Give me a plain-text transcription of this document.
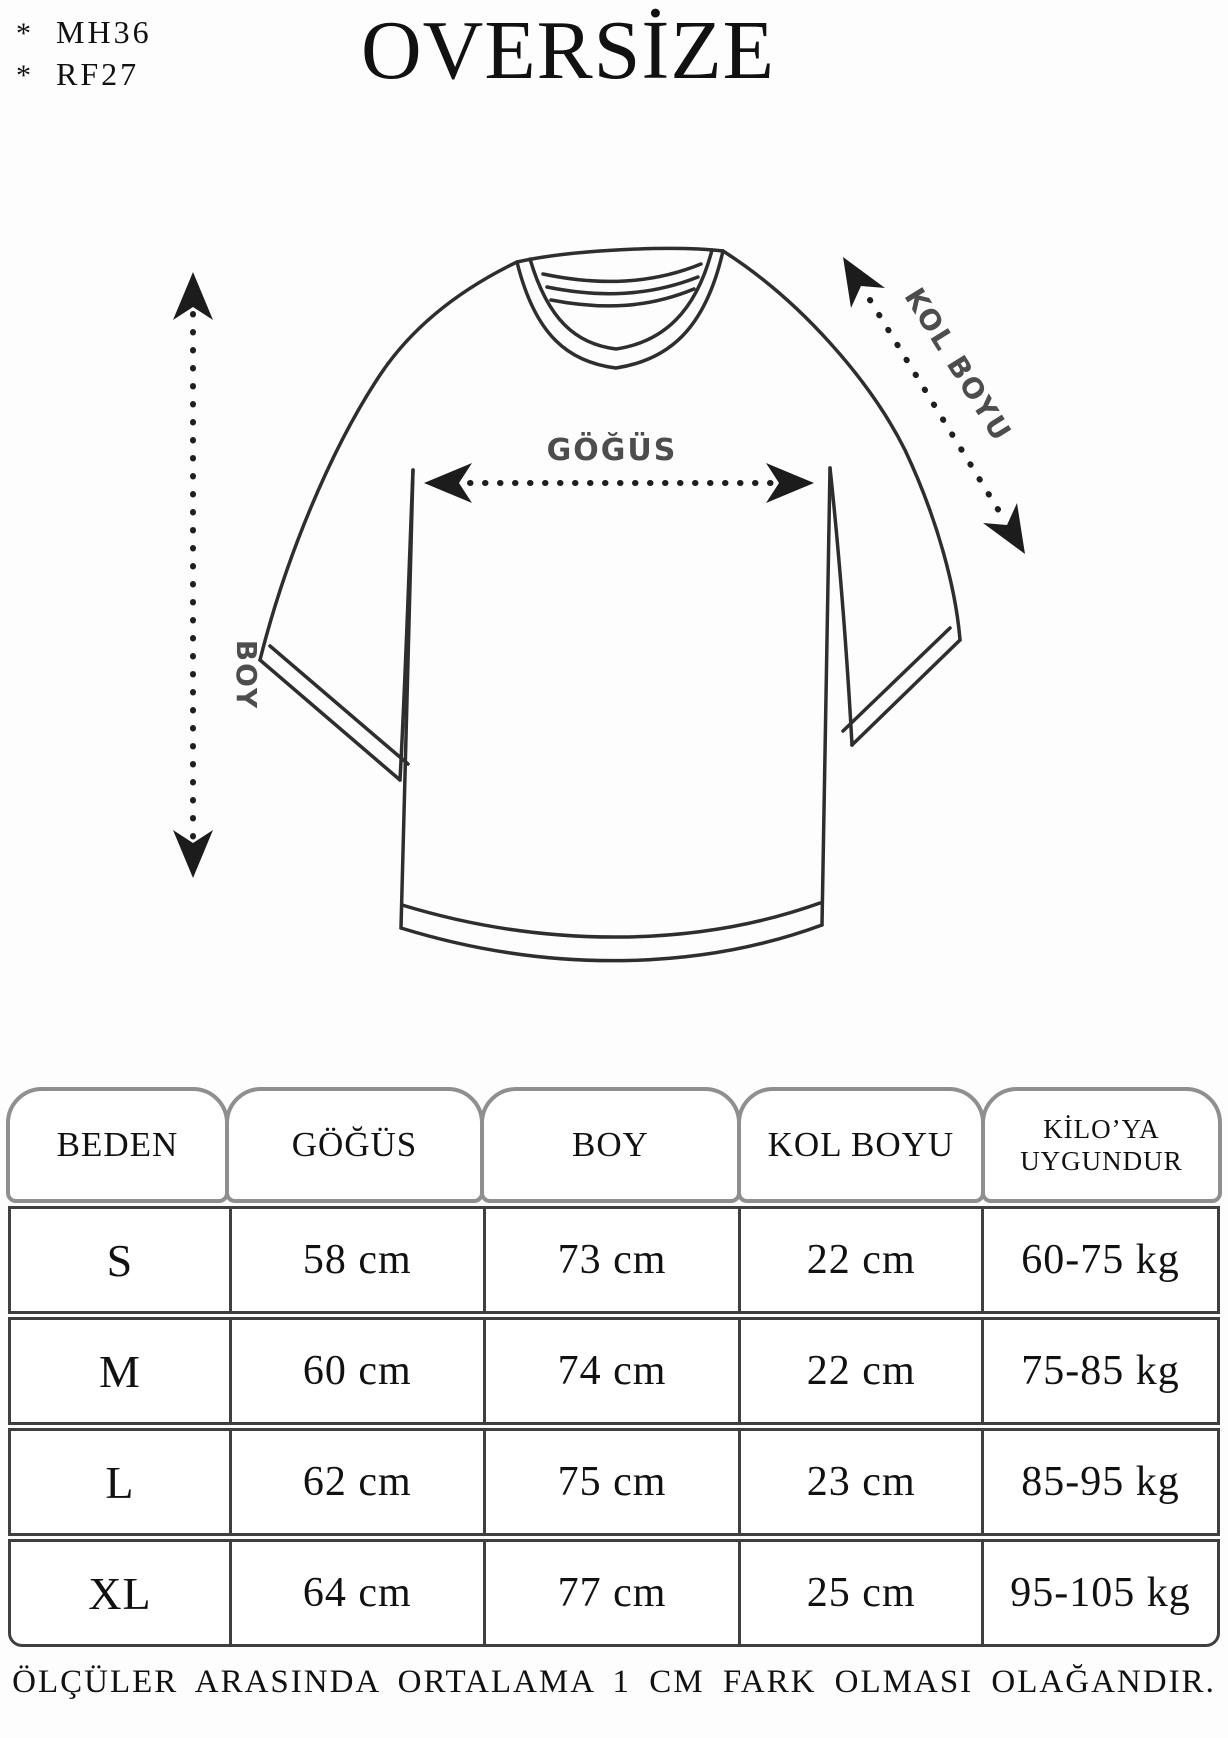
* MH36
* RF27	OVERSİZE
BOY
GÖĞÜS
KOL BOYU
BEDEN	GÖĞÜS	BOY	KOL BOYU	KİLO’YA UYGUNDUR
S	58 cm	73 cm	22 cm	60-75 kg
M	60 cm	74 cm	22 cm	75-85 kg
L	62 cm	75 cm	23 cm	85-95 kg
XL	64 cm	77 cm	25 cm	95-105 kg
ÖLÇÜLER ARASINDA ORTALAMA 1 CM FARK OLMASI OLAĞANDIR.
